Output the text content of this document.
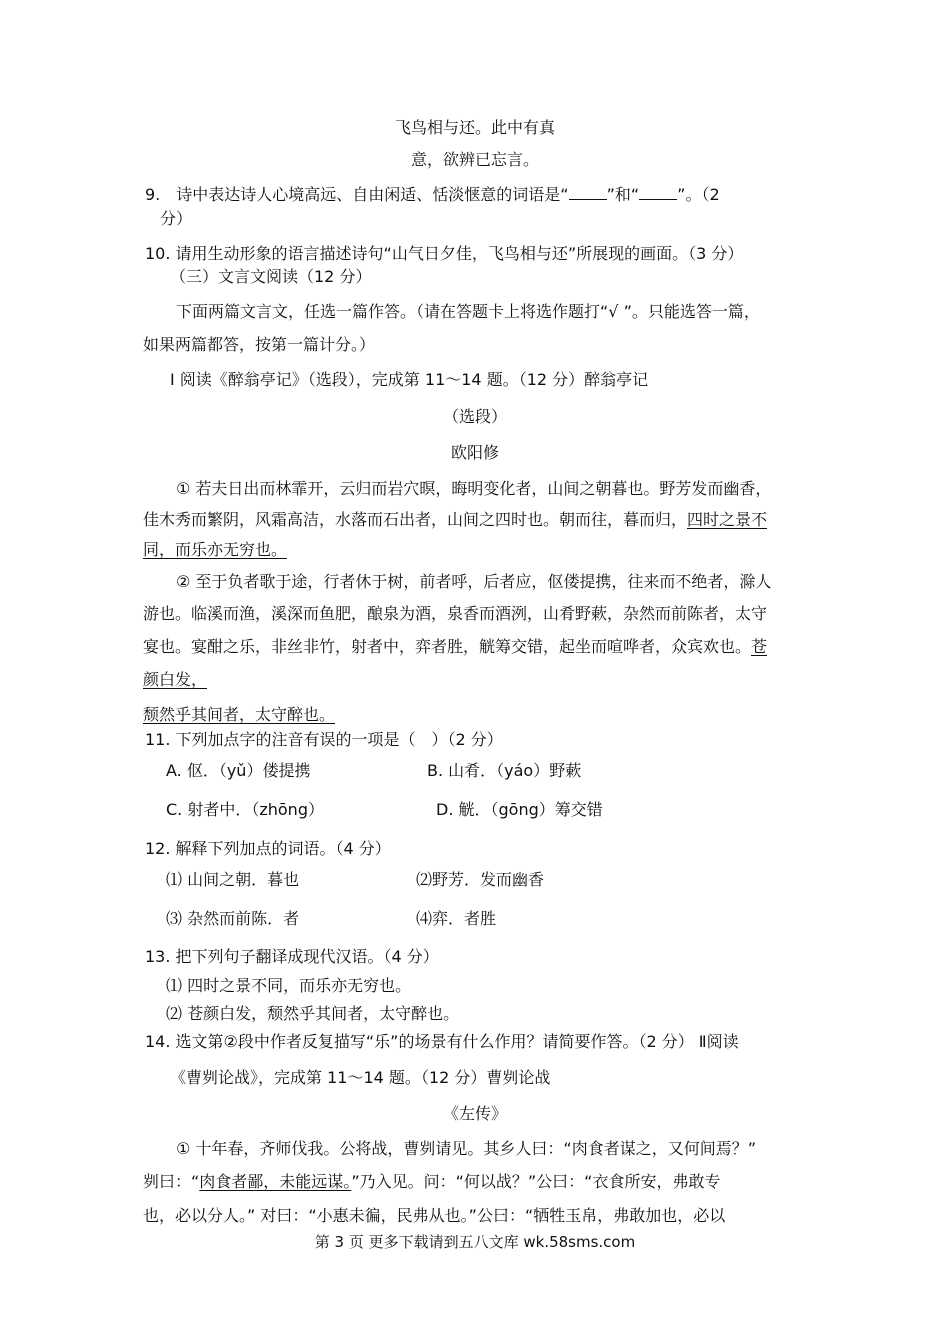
飞鸟相与还。此中有真
意，欲辨已忘言。
9.　诗中表达诗人心境高远、自由闲适、恬淡惬意的词语是“ ”和“ ”。（2
分）
10. 请用生动形象的语言描述诗句“山气日夕佳，飞鸟相与还”所展现的画面。（3 分）
（三）文言文阅读（12 分）
下面两篇文言文，任选一篇作答。（请在答题卡上将选作题打“√ ”。只能选答一篇，
如果两篇都答，按第一篇计分。）
Ⅰ 阅读《醉翁亭记》（选段），完成第 11～14 题。（12 分）醉翁亭记
（选段）
欧阳修
① 若夫日出而林霏开，云归而岩穴暝，晦明变化者，山间之朝暮也。野芳发而幽香，
佳木秀而繁阴，风霜高洁，水落而石出者，山间之四时也。朝而往，暮而归，四时之景不
同，而乐亦无穷也。
② 至于负者歌于途，行者休于树，前者呼，后者应，伛偻提携，往来而不绝者，滁人
游也。临溪而渔，溪深而鱼肥，酿泉为酒，泉香而酒洌，山肴野蔌，杂然而前陈者，太守
宴也。宴酣之乐，非丝非竹，射者中，弈者胜，觥筹交错，起坐而喧哗者，众宾欢也。苍
颜白发，
颓然乎其间者，太守醉也。
11. 下列加点字的注音有误的一项是（　）（2 分）
A. 伛．（yǔ）偻提携	B. 山肴．（yáo）野蔌
C. 射者中．（zhōng）	D. 觥．（gōng）筹交错
12. 解释下列加点的词语。（4 分）
⑴ 山间之朝．暮也	⑵野芳．发而幽香
⑶ 杂然而前陈．者	⑷弈．者胜
13. 把下列句子翻译成现代汉语。（4 分）
⑴ 四时之景不同，而乐亦无穷也。
⑵ 苍颜白发，颓然乎其间者，太守醉也。
14. 选文第②段中作者反复描写“乐”的场景有什么作用？请简要作答。（2 分） Ⅱ阅读
《曹刿论战》，完成第 11～14 题。（12 分）曹刿论战
《左传》
① 十年春，齐师伐我。公将战，曹刿请见。其乡人曰：“肉食者谋之，又何间焉？”
刿曰：“肉食者鄙，未能远谋。”乃入见。问：“何以战？”公曰：“衣食所安，弗敢专
也，必以分人。” 对曰：“小惠未徧，民弗从也。”公曰：“牺牲玉帛，弗敢加也，必以
第 3 页 更多下载请到五八文库 wk.58sms.com
